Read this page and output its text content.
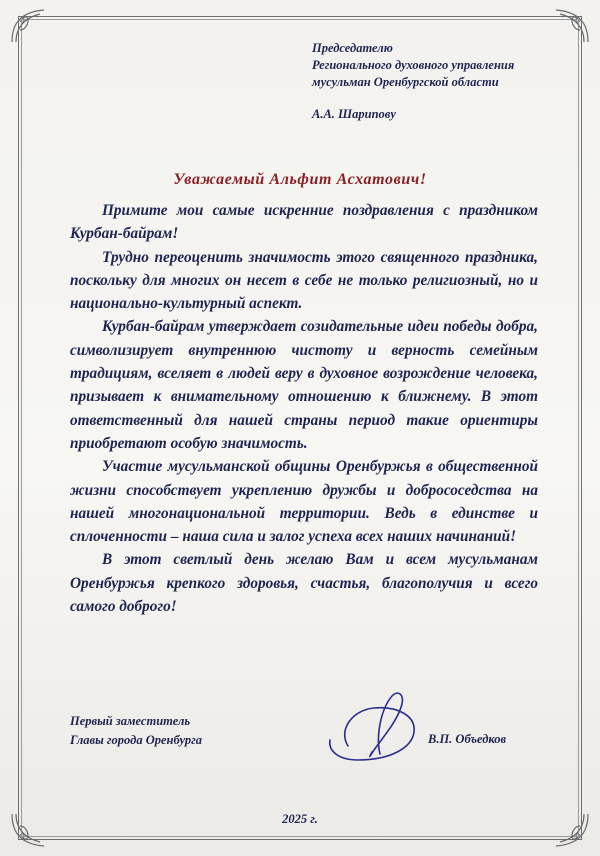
Председателю
Регионального духовного управления
мусульман Оренбургской области
А.А. Шарипову
Уважаемый Альфит Асхатович!

Примите мои самые искренние поздравления с праздником Курбан-байрам!

Трудно переоценить значимость этого священного праздника, поскольку для многих он несет в себе не только религиозный, но и национально-культурный аспект.

Курбан-байрам утверждает созидательные идеи победы добра, символизирует внутреннюю чистоту и верность семейным традициям, вселяет в людей веру в духовное возрождение человека, призывает к внимательному отношению к ближнему. В этот ответственный для нашей страны период такие ориентиры приобретают особую значимость.

Участие мусульманской общины Оренбуржья в общественной жизни способствует укреплению дружбы и добрососедства на нашей многонациональной территории. Ведь в единстве и сплоченности – наша сила и залог успеха всех наших начинаний!

В этот светлый день желаю Вам и всем мусульманам Оренбуржья крепкого здоровья, счастья, благополучия и всего самого доброго!

Первый заместитель
Главы города Оренбурга	В.П. Объедков
2025 г.
